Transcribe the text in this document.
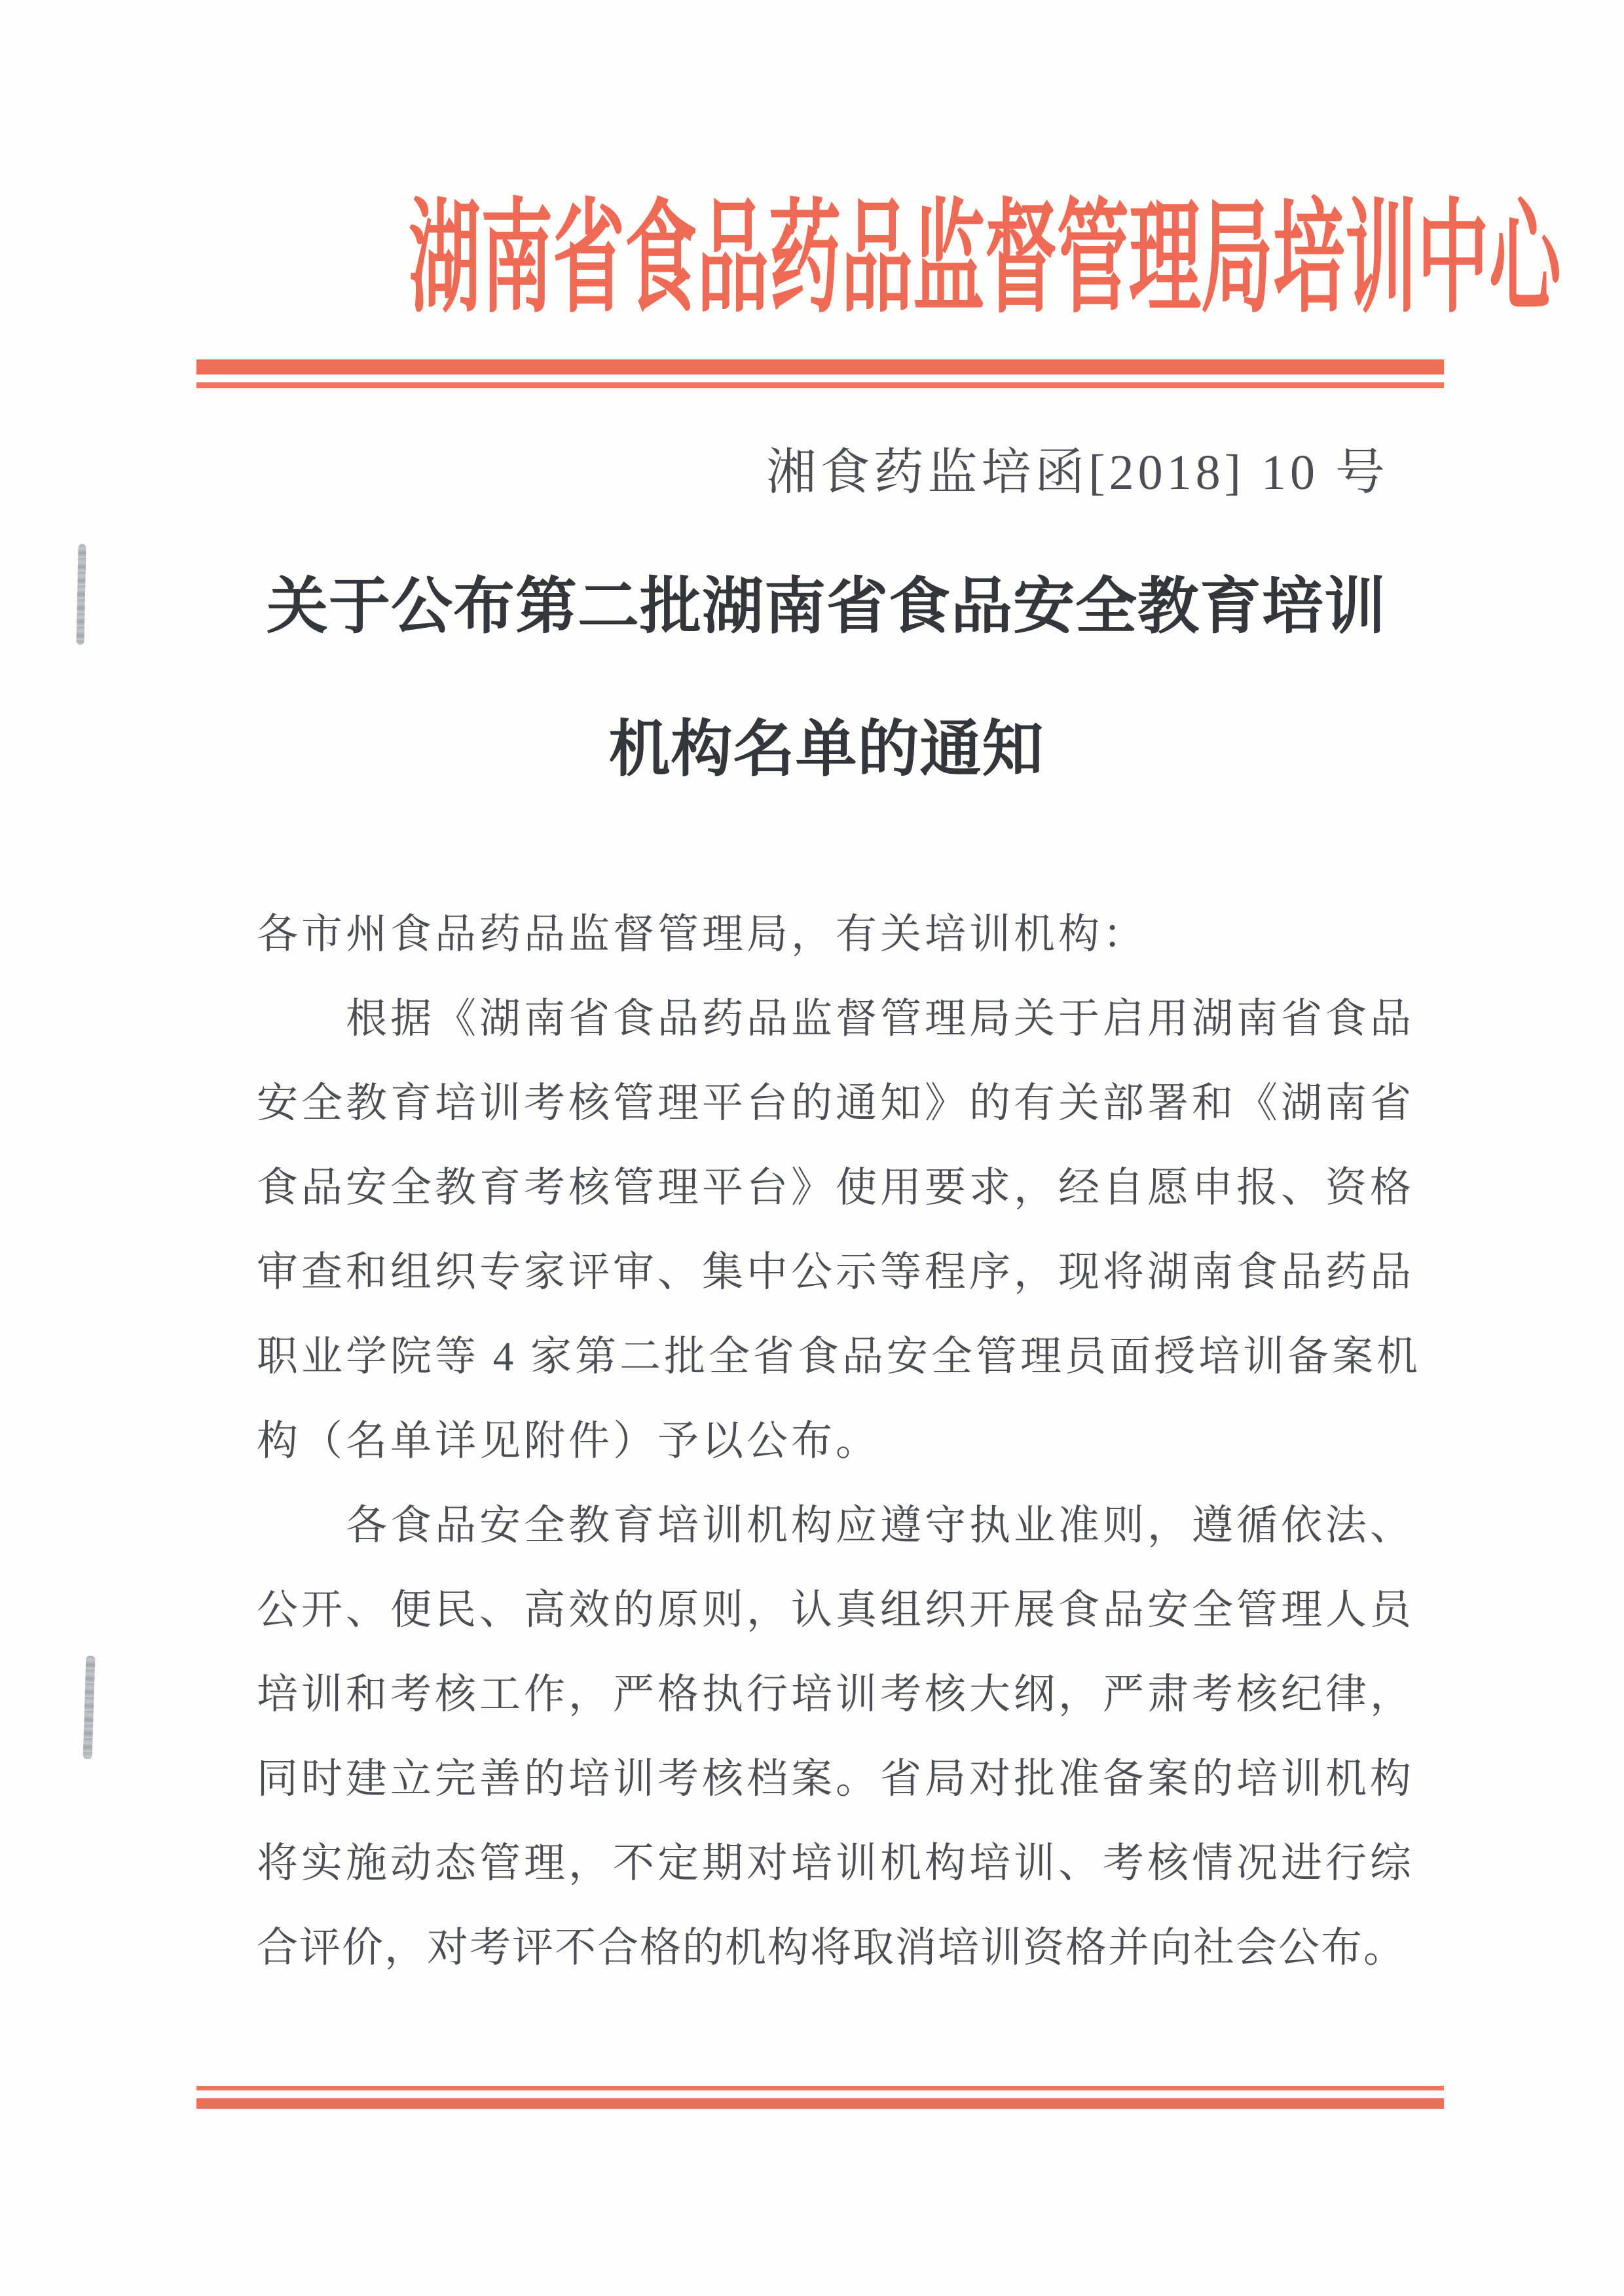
湖南省食品药品监督管理局培训中心
湘食药监培函[2018] 10 号
关于公布第二批湖南省食品安全教育培训
机构名单的通知

各市州食品药品监督管理局，有关培训机构：

根据《湖南省食品药品监督管理局关于启用湖南省食品

安全教育培训考核管理平台的通知》的有关部署和《湖南省

食品安全教育考核管理平台》使用要求，经自愿申报、资格

审查和组织专家评审、集中公示等程序，现将湖南食品药品

职业学院等 4 家第二批全省食品安全管理员面授培训备案机

构（名单详见附件）予以公布。

各食品安全教育培训机构应遵守执业准则，遵循依法、

公开、便民、高效的原则，认真组织开展食品安全管理人员

培训和考核工作，严格执行培训考核大纲，严肃考核纪律，

同时建立完善的培训考核档案。省局对批准备案的培训机构

将实施动态管理，不定期对培训机构培训、考核情况进行综

合评价，对考评不合格的机构将取消培训资格并向社会公布。
